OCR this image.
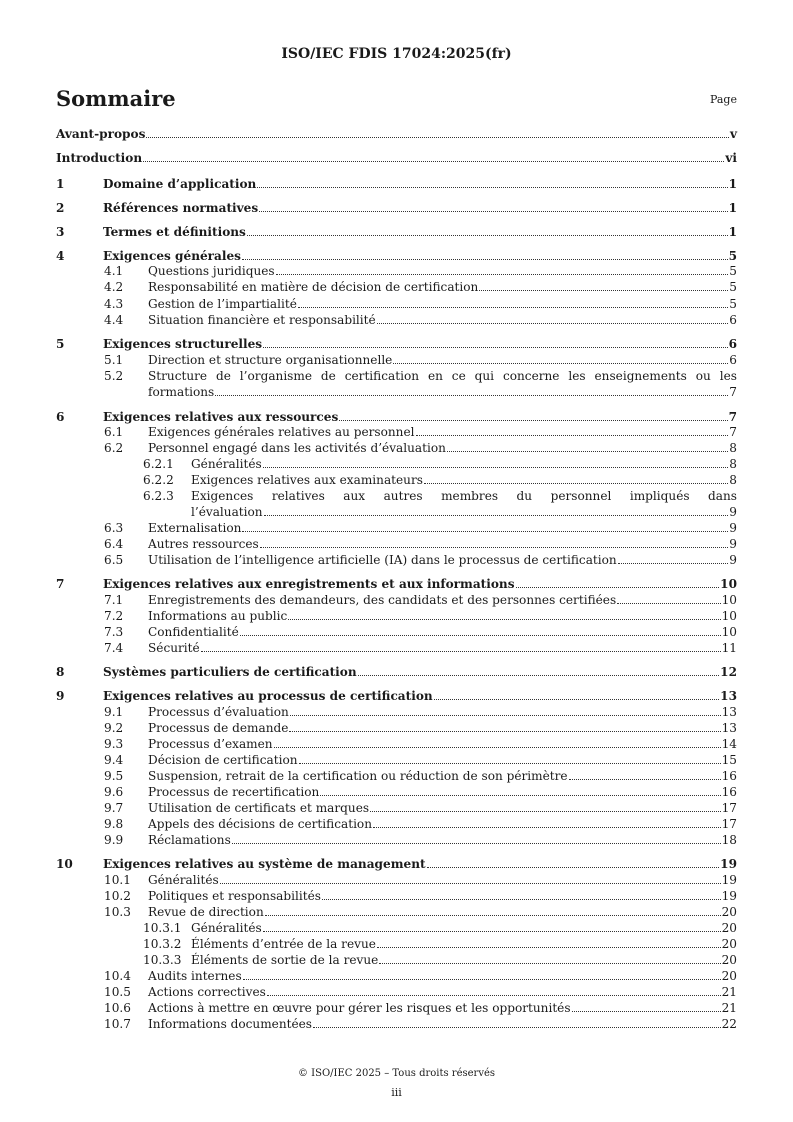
ISO/IEC FDIS 17024:2025(fr)
Sommaire	Page
Avant-propos	v
Introduction	vi
1	Domaine d’application	1
2	Références normatives	1
3	Termes et définitions	1
4	Exigences générales	5
4.1 Questions juridiques	5
4.2 Responsabilité en matière de décision de certification	5
4.3 Gestion de l’impartialité	5
4.4 Situation financière et responsabilité	6
5	Exigences structurelles	6
5.1 Direction et structure organisationnelle	6
5.2 Structure de l’organisme de certification en ce qui concerne les enseignements ou les
formations	7
6	Exigences relatives aux ressources	7
6.1 Exigences générales relatives au personnel	7
6.2 Personnel engagé dans les activités d’évaluation	8
6.2.1 Généralités	8
6.2.2 Exigences relatives aux examinateurs	8
6.2.3 Exigences relatives aux autres membres du personnel impliqués dans
l’évaluation	9
6.3 Externalisation	9
6.4 Autres ressources	9
6.5 Utilisation de l’intelligence artificielle (IA) dans le processus de certification	9
7	Exigences relatives aux enregistrements et aux informations	10
7.1 Enregistrements des demandeurs, des candidats et des personnes certifiées	10
7.2 Informations au public	10
7.3 Confidentialité	10
7.4 Sécurité	11
8	Systèmes particuliers de certification	12
9	Exigences relatives au processus de certification	13
9.1 Processus d’évaluation	13
9.2 Processus de demande	13
9.3 Processus d’examen	14
9.4 Décision de certification	15
9.5 Suspension, retrait de la certification ou réduction de son périmètre	16
9.6 Processus de recertification	16
9.7 Utilisation de certificats et marques	17
9.8 Appels des décisions de certification	17
9.9 Réclamations	18
10 Exigences relatives au système de management	19
10.1 Généralités	19
10.2 Politiques et responsabilités	19
10.3 Revue de direction	20
10.3.1 Généralités	20
10.3.2 Éléments d’entrée de la revue	20
10.3.3 Éléments de sortie de la revue	20
10.4 Audits internes	20
10.5 Actions correctives	21
10.6 Actions à mettre en œuvre pour gérer les risques et les opportunités	21
10.7 Informations documentées	22
© ISO/IEC 2025 – Tous droits réservés
iii
